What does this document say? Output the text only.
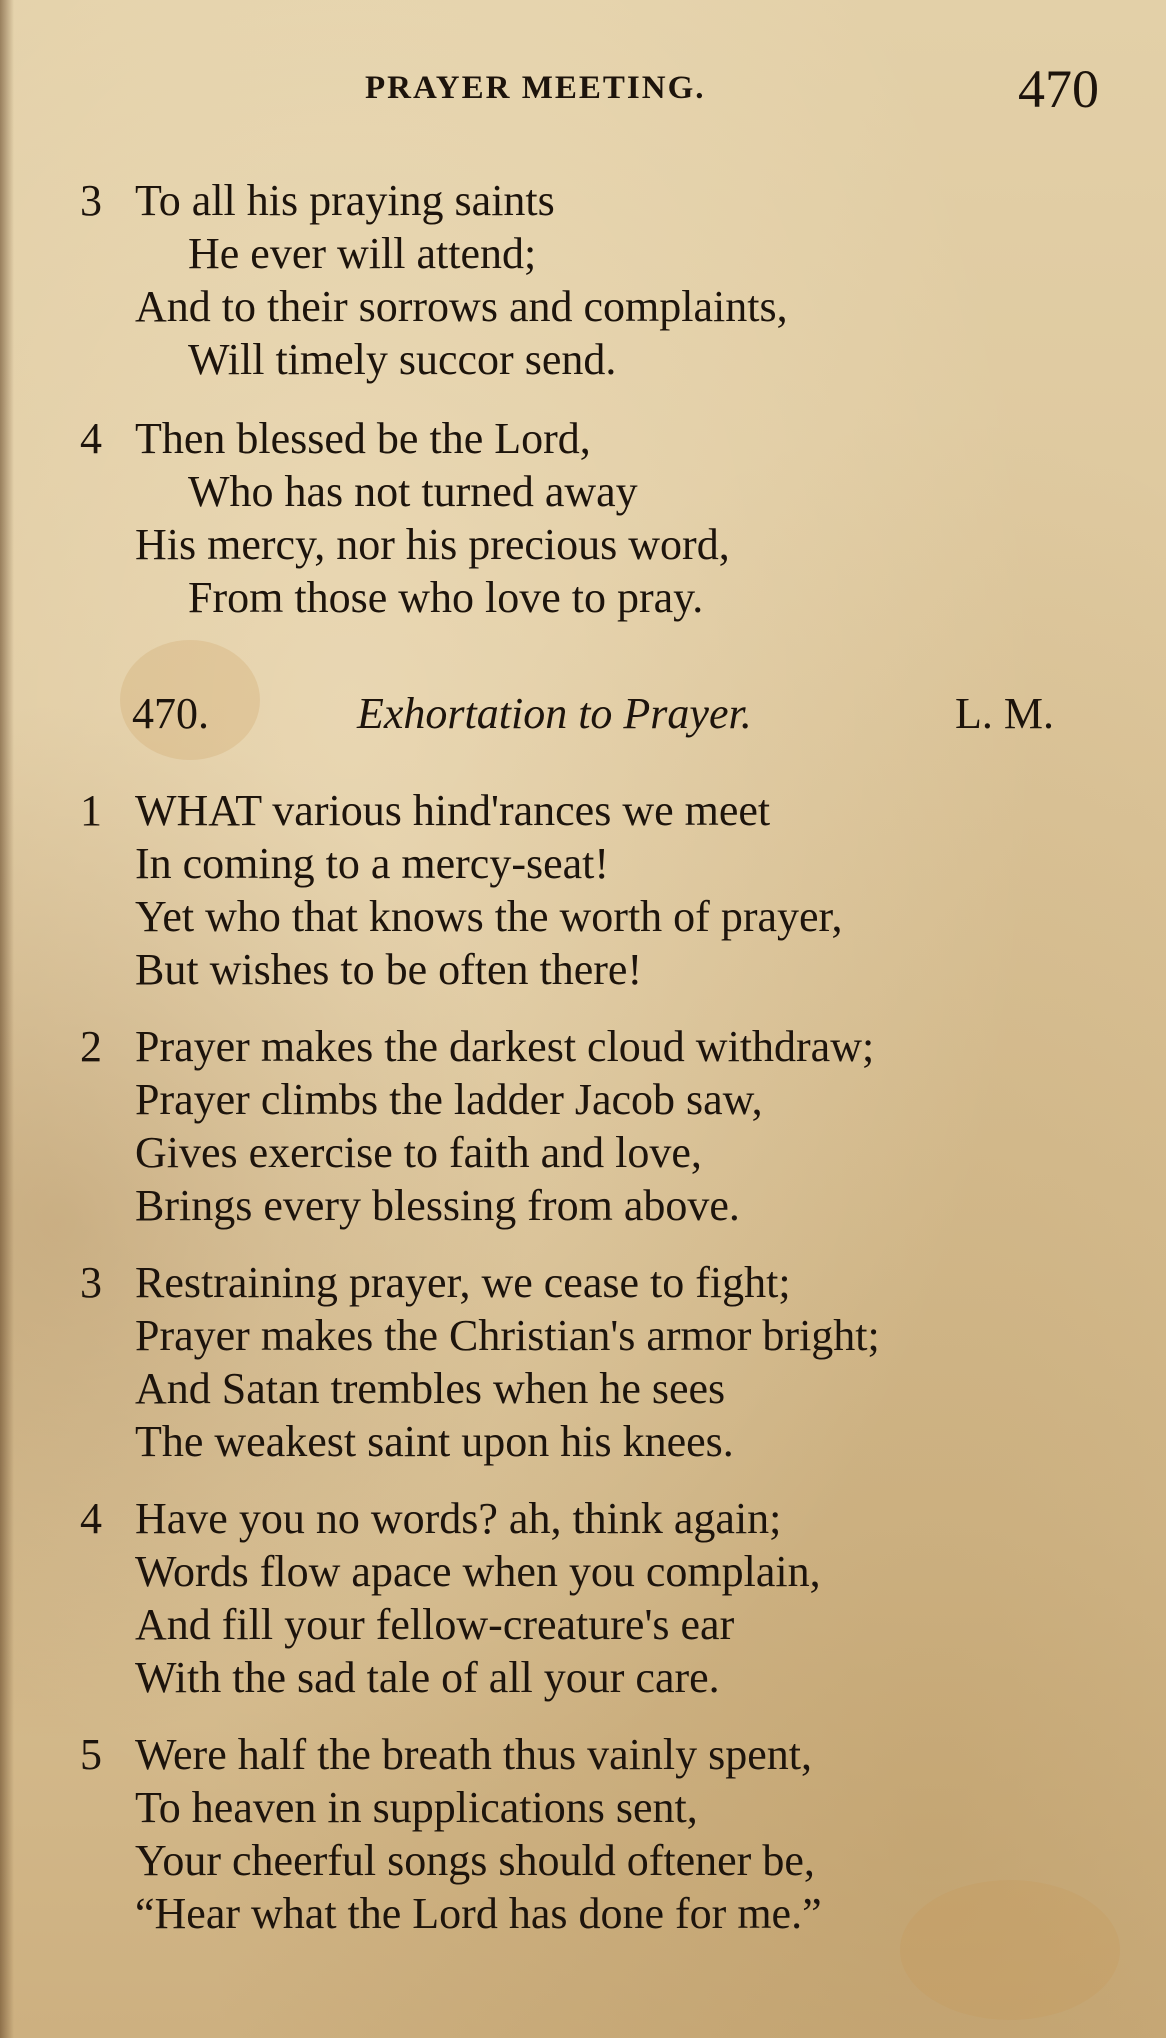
PRAYER MEETING.	470
3 To all his praying saints
He ever will attend;
And to their sorrows and complaints,
Will timely succor send.
4 Then blessed be the Lord,
Who has not turned away
His mercy, nor his precious word,
From those who love to pray.
470.	Exhortation to Prayer.	L. M.
1 WHAT various hind'rances we meet
In coming to a mercy-seat!
Yet who that knows the worth of prayer,
But wishes to be often there!
2 Prayer makes the darkest cloud withdraw;
Prayer climbs the ladder Jacob saw,
Gives exercise to faith and love,
Brings every blessing from above.
3 Restraining prayer, we cease to fight;
Prayer makes the Christian's armor bright;
And Satan trembles when he sees
The weakest saint upon his knees.
4 Have you no words? ah, think again;
Words flow apace when you complain,
And fill your fellow-creature's ear
With the sad tale of all your care.
5 Were half the breath thus vainly spent,
To heaven in supplications sent,
Your cheerful songs should oftener be,
“Hear what the Lord has done for me.”
